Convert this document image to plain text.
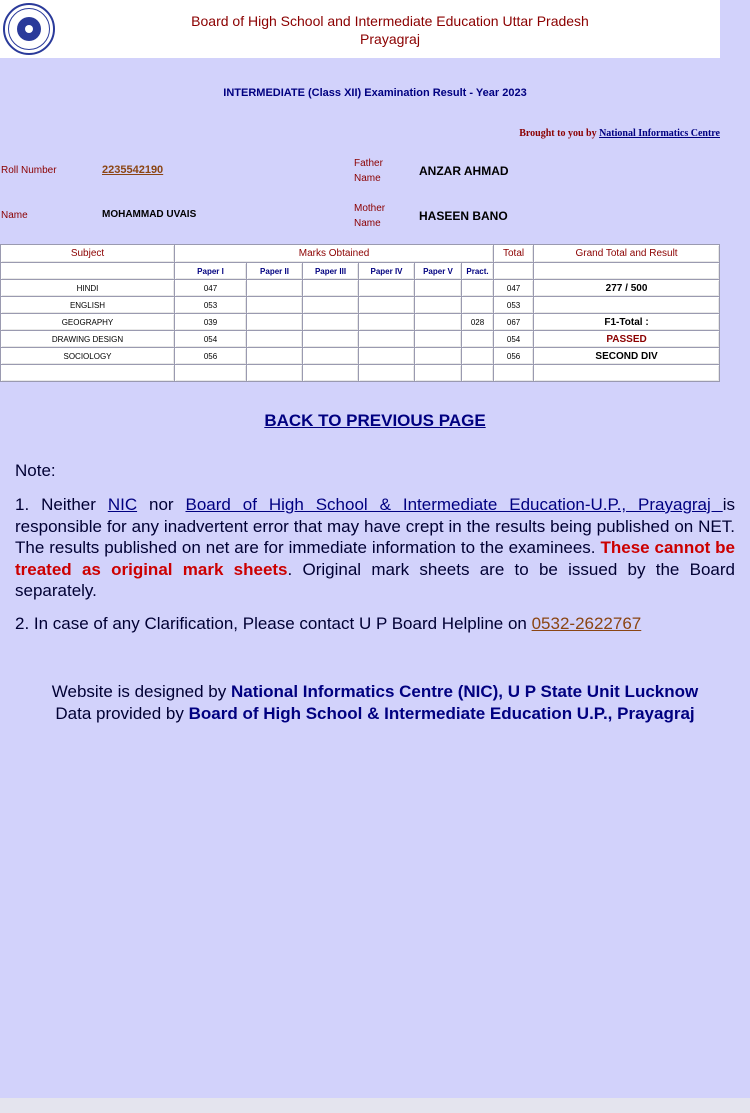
Board of High School and Intermediate Education Uttar Pradesh
Prayagraj
INTERMEDIATE (Class XII) Examination Result - Year 2023
Brought to you by National Informatics Centre
Roll Number	2235542190
Father
Name
ANZAR AHMAD
Name	MOHAMMAD UVAIS
Mother
Name
HASEEN BANO
Subject	Marks Obtained						Total	Grand Total and Result
	Paper I	Paper II	Paper III	Paper IV	Paper V	Pract.		
HINDI	047						047	277 / 500
ENGLISH	053						053	
GEOGRAPHY	039					028	067	F1-Total :
DRAWING DESIGN	054						054	PASSED
SOCIOLOGY	056						056	SECOND DIV

BACK TO PREVIOUS PAGE
Note:
1. Neither NIC nor Board of High School & Intermediate Education-U.P., Prayagraj is responsible for any inadvertent error that may have crept in the results being published on NET. The results published on net are for immediate information to the examinees. These cannot be treated as original mark sheets. Original mark sheets are to be issued by the Board separately.
2. In case of any Clarification, Please contact U P Board Helpline on 0532-2622767
Website is designed by National Informatics Centre (NIC), U P State Unit Lucknow
Data provided by Board of High School & Intermediate Education U.P., Prayagraj
